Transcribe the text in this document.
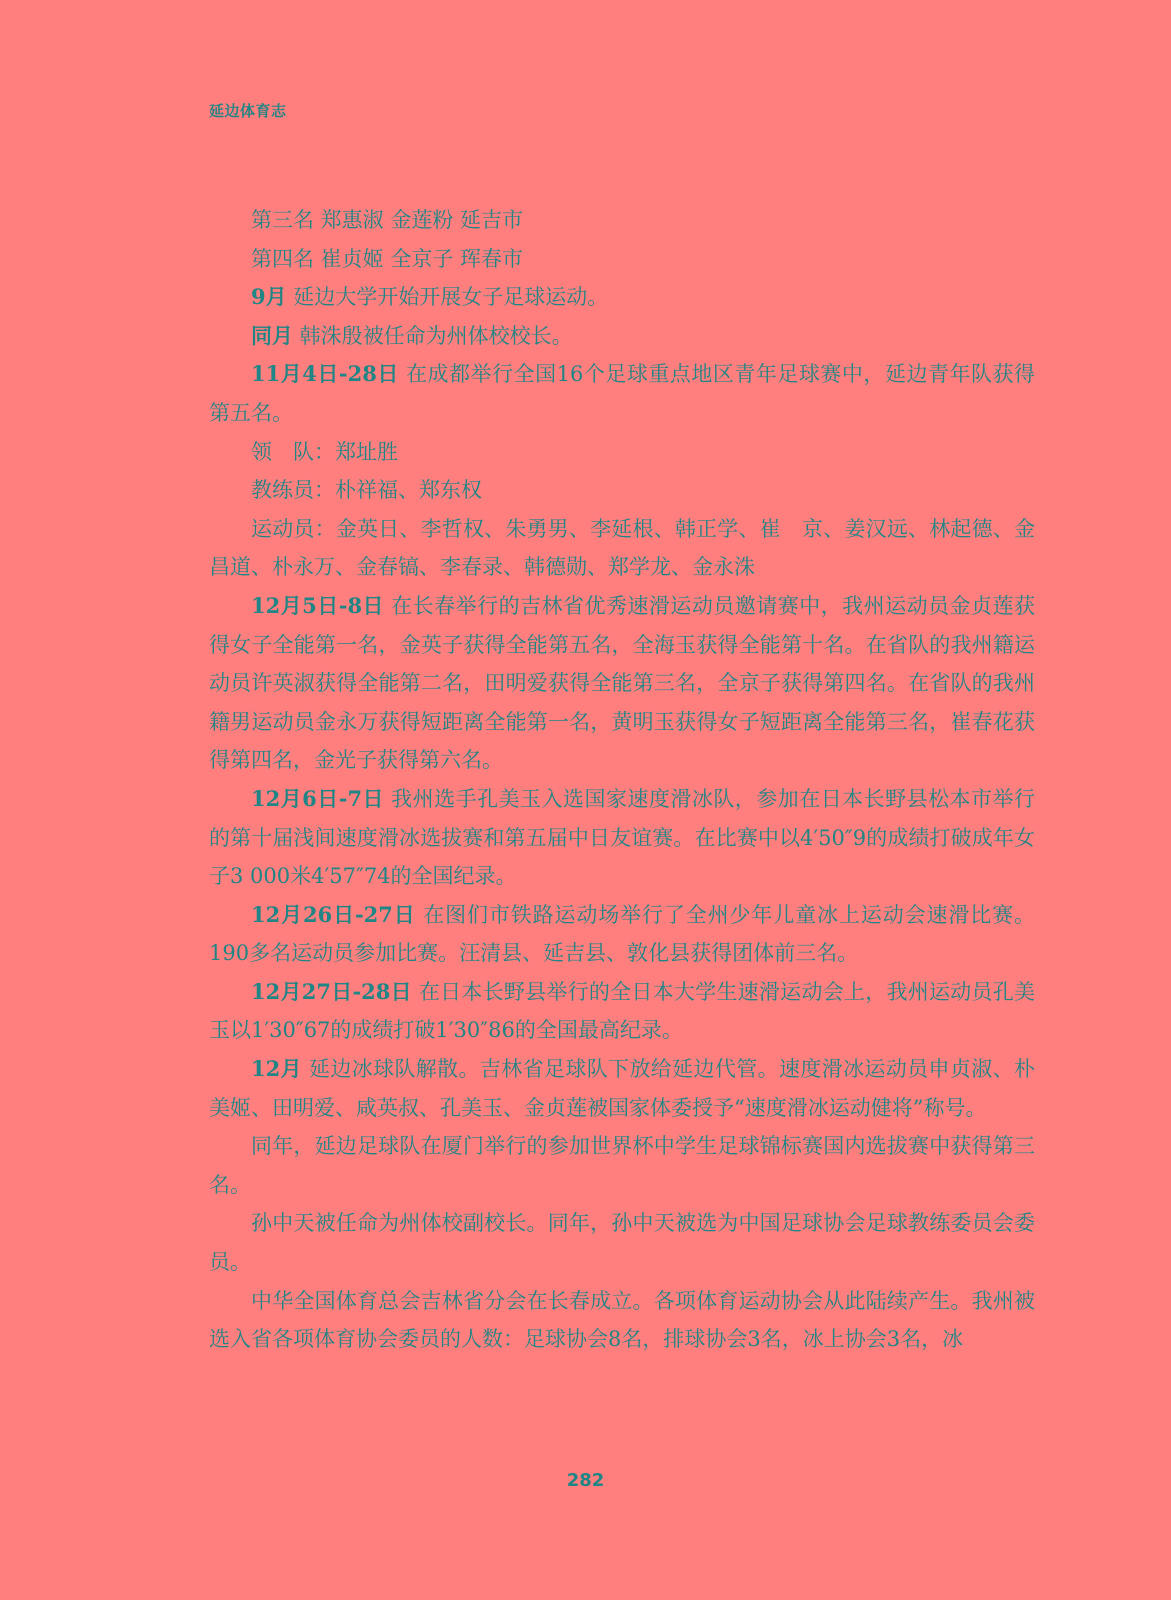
延边体育志

第三名 郑惠淑 金莲粉 延吉市

第四名 崔贞姬 全京子 珲春市

9月 延边大学开始开展女子足球运动。

同月 韩洙殷被任命为州体校校长。

11月4日-28日 在成都举行全国16个足球重点地区青年足球赛中，延边青年队获得第五名。

领　队：郑址胜

教练员：朴祥福、郑东权

运动员：金英日、李哲权、朱勇男、李延根、韩正学、崔　京、姜汉远、林起德、金昌道、朴永万、金春镐、李春录、韩德勋、郑学龙、金永洙

12月5日-8日 在长春举行的吉林省优秀速滑运动员邀请赛中，我州运动员金贞莲获得女子全能第一名，金英子获得全能第五名，全海玉获得全能第十名。在省队的我州籍运动员许英淑获得全能第二名，田明爱获得全能第三名，全京子获得第四名。在省队的我州籍男运动员金永万获得短距离全能第一名，黄明玉获得女子短距离全能第三名，崔春花获得第四名，金光子获得第六名。

12月6日-7日 我州选手孔美玉入选国家速度滑冰队，参加在日本长野县松本市举行的第十届浅间速度滑冰选拔赛和第五届中日友谊赛。在比赛中以4′50″9的成绩打破成年女子3 000米4′57″74的全国纪录。

12月26日-27日 在图们市铁路运动场举行了全州少年儿童冰上运动会速滑比赛。190多名运动员参加比赛。汪清县、延吉县、敦化县获得团体前三名。

12月27日-28日 在日本长野县举行的全日本大学生速滑运动会上，我州运动员孔美玉以1′30″67的成绩打破1′30″86的全国最高纪录。

12月 延边冰球队解散。吉林省足球队下放给延边代管。速度滑冰运动员申贞淑、朴美姬、田明爱、咸英叔、孔美玉、金贞莲被国家体委授予“速度滑冰运动健将”称号。

同年，延边足球队在厦门举行的参加世界杯中学生足球锦标赛国内选拔赛中获得第三名。

孙中天被任命为州体校副校长。同年，孙中天被选为中国足球协会足球教练委员会委员。

中华全国体育总会吉林省分会在长春成立。各项体育运动协会从此陆续产生。我州被选入省各项体育协会委员的人数：足球协会8名，排球协会3名，冰上协会3名，冰

282
